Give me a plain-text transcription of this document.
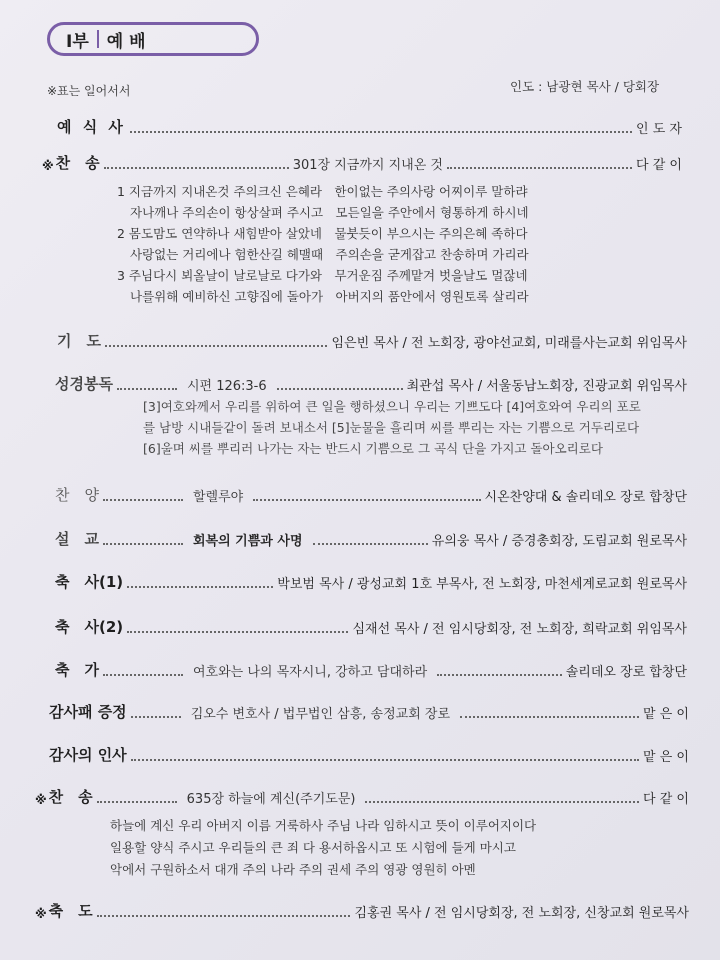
Ⅰ부 예 배
※표는 일어서서	인도 : 남광현 목사 / 당회장
예 식 사	인 도 자
※ 찬　송	301장 지금까지 지내온 것	다 같 이
1 지금까지 지내온것 주의크신 은혜라　한이없는 주의사랑 어찌이루 말하랴
자나깨나 주의손이 항상살펴 주시고　모든일을 주안에서 형통하게 하시네
2 몸도맘도 연약하나 새힘받아 살았네　물붓듯이 부으시는 주의은혜 족하다
사랑없는 거리에나 험한산길 헤맬때　주의손을 굳게잡고 찬송하며 가리라
3 주님다시 뵈올날이 날로날로 다가와　무거운짐 주께맡겨 벗을날도 멀잖네
나를위해 예비하신 고향집에 돌아가　아버지의 품안에서 영원토록 살리라
기　도	임은빈 목사 / 전 노회장, 광야선교회, 미래를사는교회 위임목사
성경봉독	시편 126:3-6	최관섭 목사 / 서울동남노회장, 진광교회 위임목사
[3]여호와께서 우리를 위하여 큰 일을 행하셨으니 우리는 기쁘도다 [4]여호와여 우리의 포로
를 남방 시내들같이 돌려 보내소서 [5]눈물을 흘리며 씨를 뿌리는 자는 기쁨으로 거두리로다
[6]울며 씨를 뿌리러 나가는 자는 반드시 기쁨으로 그 곡식 단을 가지고 돌아오리로다
찬　양	할렐루야	시온찬양대 & 솔리데오 장로 합창단
설　교	회복의 기쁨과 사명	유의웅 목사 / 증경총회장, 도림교회 원로목사
축　사(1)	박보범 목사 / 광성교회 1호 부목사, 전 노회장, 마천세계로교회 원로목사
축　사(2)	심재선 목사 / 전 임시당회장, 전 노회장, 희락교회 위임목사
축　가	여호와는 나의 목자시니, 강하고 담대하라	솔리데오 장로 합창단
감사패 증정	김오수 변호사 / 법무법인 삼흥, 송정교회 장로	맡 은 이
감사의 인사	맡 은 이
※ 찬　송	635장 하늘에 계신(주기도문)	다 같 이
하늘에 계신 우리 아버지 이름 거룩하사 주님 나라 임하시고 뜻이 이루어지이다
일용할 양식 주시고 우리들의 큰 죄 다 용서하옵시고 또 시험에 들게 마시고
악에서 구원하소서 대개 주의 나라 주의 권세 주의 영광 영원히 아멘
※ 축　도	김홍권 목사 / 전 임시당회장, 전 노회장, 신창교회 원로목사
